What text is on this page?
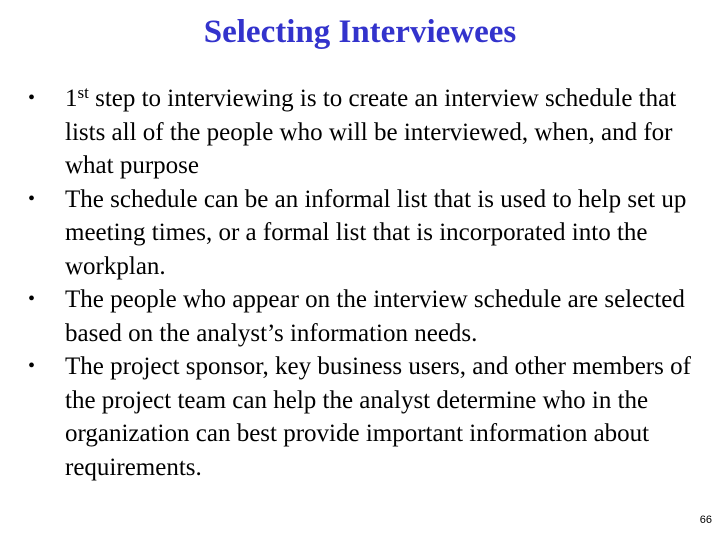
Selecting Interviewees
•	1st step to interviewing is to create an interview schedule that lists all of the people who will be interviewed, when, and for what purpose
•	The schedule can be an informal list that is used to help set up meeting times, or a formal list that is incorporated into the workplan.
•	The people who appear on the interview schedule are selected based on the analyst’s information needs.
•	The project sponsor, key business users, and other members of the project team can help the analyst determine who in the organization can best provide important information about requirements.
66
